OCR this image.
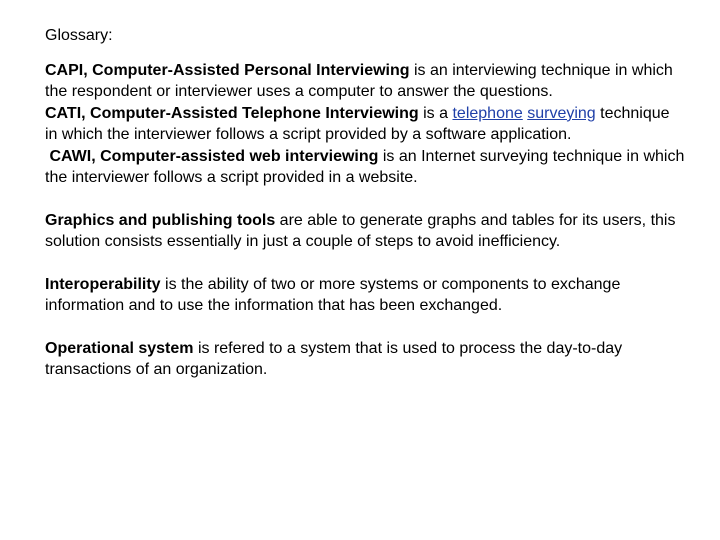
Glossary:

CAPI, Computer-Assisted Personal Interviewing is an interviewing technique in which the respondent or interviewer uses a computer to answer the questions.

CATI, Computer-Assisted Telephone Interviewing is a telephone surveying technique in which the interviewer follows a script provided by a software application.

CAWI, Computer-assisted web interviewing is an Internet surveying technique in which the interviewer follows a script provided in a website.

Graphics and publishing tools are able to generate graphs and tables for its users, this solution consists essentially in just a couple of steps to avoid inefficiency.

Interoperability is the ability of two or more systems or components to exchange information and to use the information that has been exchanged.

Operational system is refered to a system that is used to process the day-to-day transactions of an organization.
